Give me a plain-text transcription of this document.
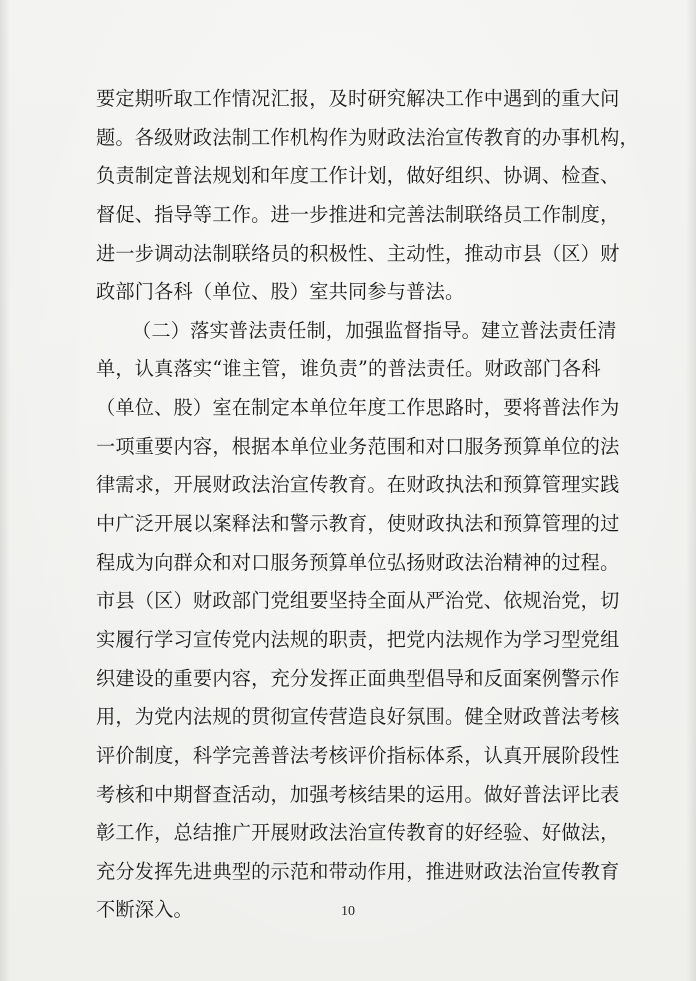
要定期听取工作情况汇报，及时研究解决工作中遇到的重大问
题。各级财政法制工作机构作为财政法治宣传教育的办事机构，
负责制定普法规划和年度工作计划，做好组织、协调、检查、
督促、指导等工作。进一步推进和完善法制联络员工作制度，
进一步调动法制联络员的积极性、主动性，推动市县（区）财
政部门各科（单位、股）室共同参与普法。
（二）落实普法责任制，加强监督指导。建立普法责任清
单，认真落实“谁主管，谁负责”的普法责任。财政部门各科
（单位、股）室在制定本单位年度工作思路时，要将普法作为
一项重要内容，根据本单位业务范围和对口服务预算单位的法
律需求，开展财政法治宣传教育。在财政执法和预算管理实践
中广泛开展以案释法和警示教育，使财政执法和预算管理的过
程成为向群众和对口服务预算单位弘扬财政法治精神的过程。
市县（区）财政部门党组要坚持全面从严治党、依规治党，切
实履行学习宣传党内法规的职责，把党内法规作为学习型党组
织建设的重要内容，充分发挥正面典型倡导和反面案例警示作
用，为党内法规的贯彻宣传营造良好氛围。健全财政普法考核
评价制度，科学完善普法考核评价指标体系，认真开展阶段性
考核和中期督查活动，加强考核结果的运用。做好普法评比表
彰工作，总结推广开展财政法治宣传教育的好经验、好做法，
充分发挥先进典型的示范和带动作用，推进财政法治宣传教育
不断深入。	10
